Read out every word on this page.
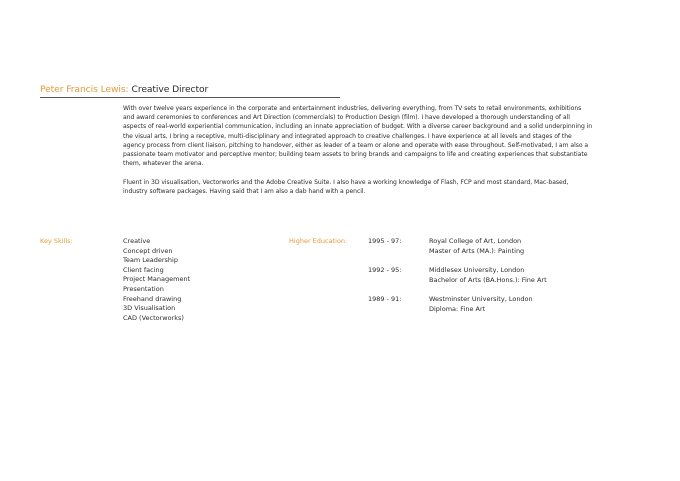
Peter Francis Lewis: Creative Director

With over twelve years experience in the corporate and entertainment industries, delivering everything, from TV sets to retail environments, exhibitions and award ceremonies to conferences and Art Direction (commercials) to Production Design (film). I have developed a thorough understanding of all aspects of real-world experiential communication, including an innate appreciation of budget. With a diverse career background and a solid underpinning in the visual arts, I bring a receptive, multi-disciplinary and integrated approach to creative challenges. I have experience at all levels and stages of the agency process from client liaison, pitching to handover, either as leader of a team or alone and operate with ease throughout. Self-motivated, I am also a passionate team motivator and perceptive mentor; building team assets to bring brands and campaigns to life and creating experiences that substantiate them, whatever the arena.

Fluent in 3D visualisation, Vectorworks and the Adobe Creative Suite. I also have a working knowledge of Flash, FCP and most standard, Mac-based, industry software packages. Having said that I am also a dab hand with a pencil.

Key Skills:	Creative
Concept driven
Team Leadership
Client facing
Project Management
Presentation
Freehand drawing
3D Visualisation
CAD (Vectorworks)
Higher Education:	1995 - 97:	Royal College of Art, London
Master of Arts (MA.): Painting
1992 - 95:	Middlesex University, London
Bachelor of Arts (BA.Hons.): Fine Art
1989 - 91:	Westminster University, London
Diploma: Fine Art
